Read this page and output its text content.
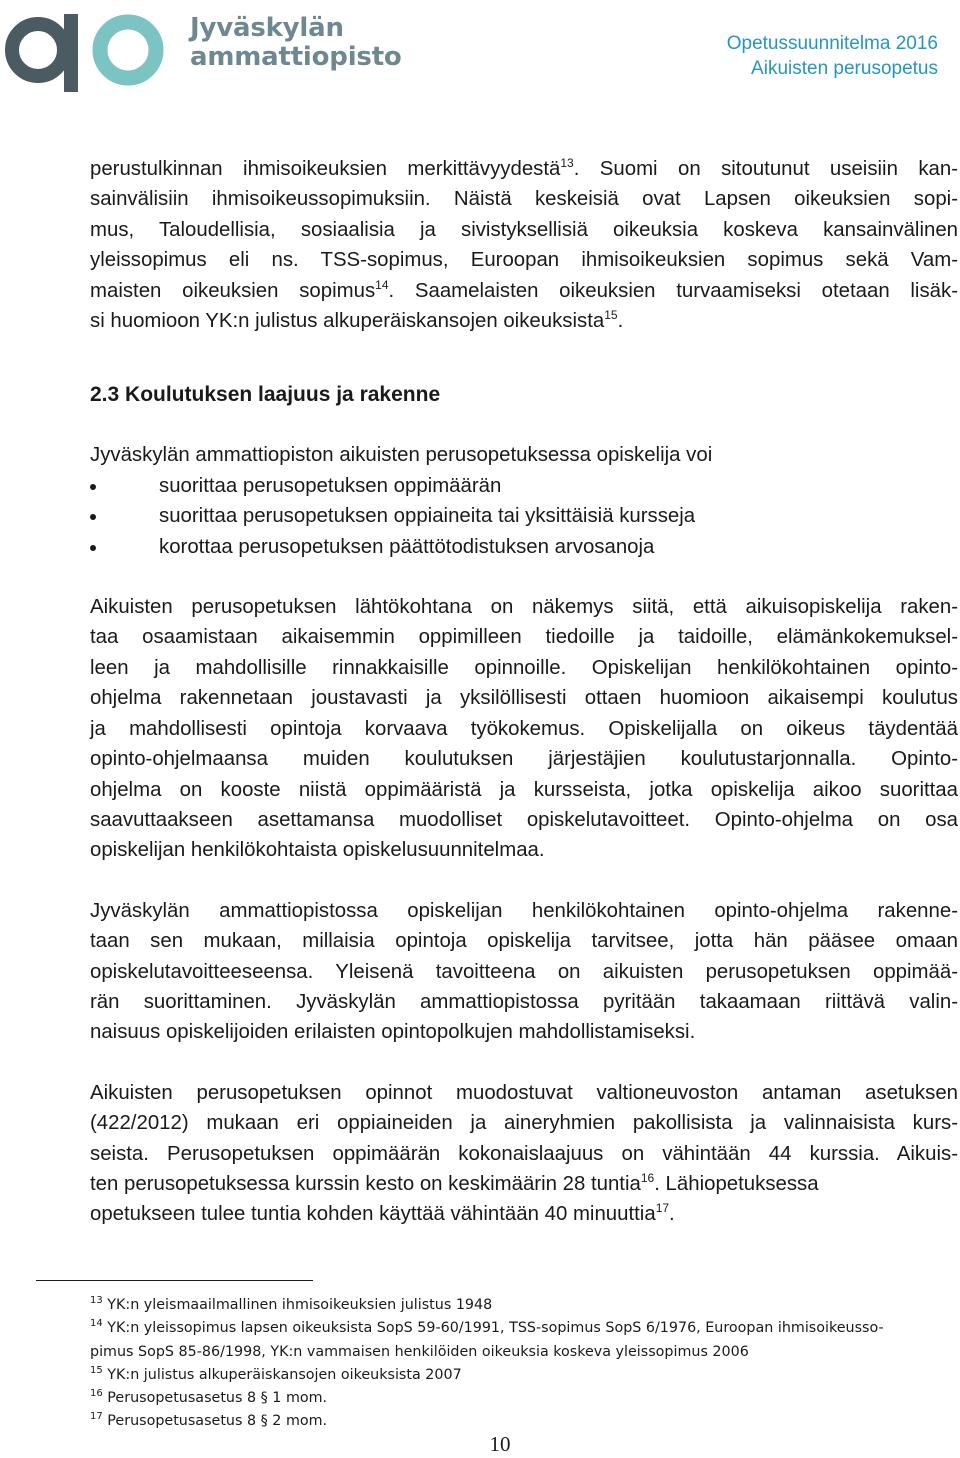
Jyväskylän
ammattiopisto	Opetussuunnitelma 2016
Aikuisten perusopetus

perustulkinnan ihmisoikeuksien merkittävyydestä$^{13}$. Suomi on sitoutunut useisiin kan-
sainvälisiin ihmisoikeussopimuksiin. Näistä keskeisiä ovat Lapsen oikeuksien sopi-
mus, Taloudellisia, sosiaalisia ja sivistyksellisiä oikeuksia koskeva kansainvälinen
yleissopimus eli ns. TSS-sopimus, Euroopan ihmisoikeuksien sopimus sekä Vam-
maisten oikeuksien sopimus$^{14}$. Saamelaisten oikeuksien turvaamiseksi otetaan lisäk-
si huomioon YK:n julistus alkuperäiskansojen oikeuksista$^{15}$.

2.3 Koulutuksen laajuus ja rakenne

Jyväskylän ammattiopiston aikuisten perusopetuksessa opiskelija voi

suorittaa perusopetuksen oppimäärän
suorittaa perusopetuksen oppiaineita tai yksittäisiä kursseja
korottaa perusopetuksen päättötodistuksen arvosanoja

Aikuisten perusopetuksen lähtökohtana on näkemys siitä, että aikuisopiskelija raken-
taa osaamistaan aikaisemmin oppimilleen tiedoille ja taidoille, elämänkokemuksel-
leen ja mahdollisille rinnakkaisille opinnoille. Opiskelijan henkilökohtainen opinto-
ohjelma rakennetaan joustavasti ja yksilöllisesti ottaen huomioon aikaisempi koulutus
ja mahdollisesti opintoja korvaava työkokemus. Opiskelijalla on oikeus täydentää
opinto-ohjelmaansa muiden koulutuksen järjestäjien koulutustarjonnalla. Opinto-
ohjelma on kooste niistä oppimääristä ja kursseista, jotka opiskelija aikoo suorittaa
saavuttaakseen asettamansa muodolliset opiskelutavoitteet. Opinto-ohjelma on osa
opiskelijan henkilökohtaista opiskelusuunnitelmaa.

Jyväskylän ammattiopistossa opiskelijan henkilökohtainen opinto-ohjelma rakenne-
taan sen mukaan, millaisia opintoja opiskelija tarvitsee, jotta hän pääsee omaan
opiskelutavoitteeseensa. Yleisenä tavoitteena on aikuisten perusopetuksen oppimää-
rän suorittaminen. Jyväskylän ammattiopistossa pyritään takaamaan riittävä valin-
naisuus opiskelijoiden erilaisten opintopolkujen mahdollistamiseksi.

Aikuisten perusopetuksen opinnot muodostuvat valtioneuvoston antaman asetuksen
(422/2012) mukaan eri oppiaineiden ja aineryhmien pakollisista ja valinnaisista kurs-
seista. Perusopetuksen oppimäärän kokonaislaajuus on vähintään 44 kurssia. Aikuis-
ten perusopetuksessa kurssin kesto on keskimäärin 28 tuntia$^{16}$. Lähiopetuksessa
opetukseen tulee tuntia kohden käyttää vähintään 40 minuuttia$^{17}$.

$^{13}$ YK:n yleismaailmallinen ihmisoikeuksien julistus 1948
$^{14}$ YK:n yleissopimus lapsen oikeuksista SopS 59-60/1991, TSS-sopimus SopS 6/1976, Euroopan ihmisoikeusso-
pimus SopS 85-86/1998, YK:n vammaisen henkilöiden oikeuksia koskeva yleissopimus 2006
$^{15}$ YK:n julistus alkuperäiskansojen oikeuksista 2007
$^{16}$ Perusopetusasetus 8 § 1 mom.
$^{17}$ Perusopetusasetus 8 § 2 mom.
10
